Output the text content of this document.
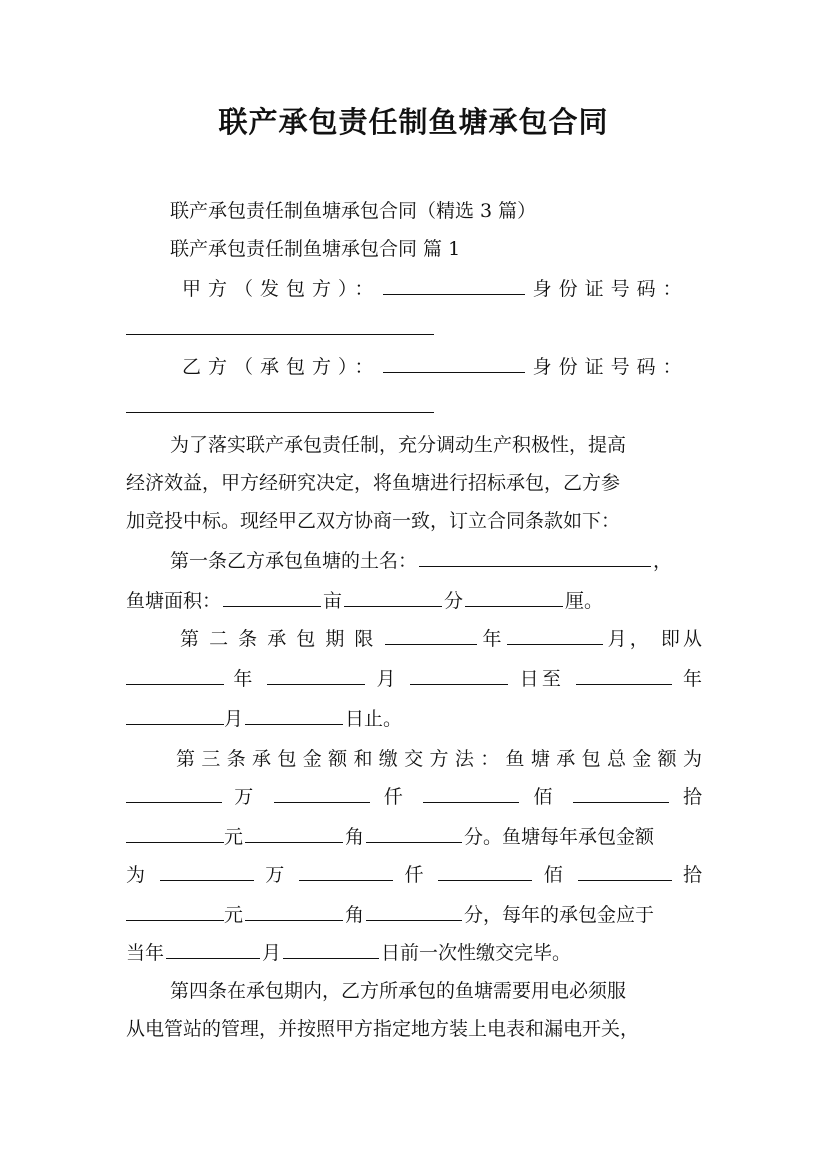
联产承包责任制鱼塘承包合同
联产承包责任制鱼塘承包合同（精选 3 篇）
联产承包责任制鱼塘承包合同 篇 1
甲方（发包方）：	身份证号码：
乙方（承包方）：	身份证号码：
为了落实联产承包责任制，充分调动生产积极性，提高
经济效益，甲方经研究决定，将鱼塘进行招标承包，乙方参
加竞投中标。现经甲乙双方协商一致，订立合同条款如下：
第一条乙方承包鱼塘的土名：	，
鱼塘面积：	亩	分	厘。
第二条承包期限	年	月， 即从
年	月	日至	年
月	日止。
第三条承包金额和缴交方法：鱼塘承包总金额为
万	仟	佰	拾
元	角	分。鱼塘每年承包金额
为	万	仟	佰	拾
元	角	分，每年的承包金应于
当年	月	日前一次性缴交完毕。
第四条在承包期内，乙方所承包的鱼塘需要用电必须服
从电管站的管理，并按照甲方指定地方装上电表和漏电开关，
